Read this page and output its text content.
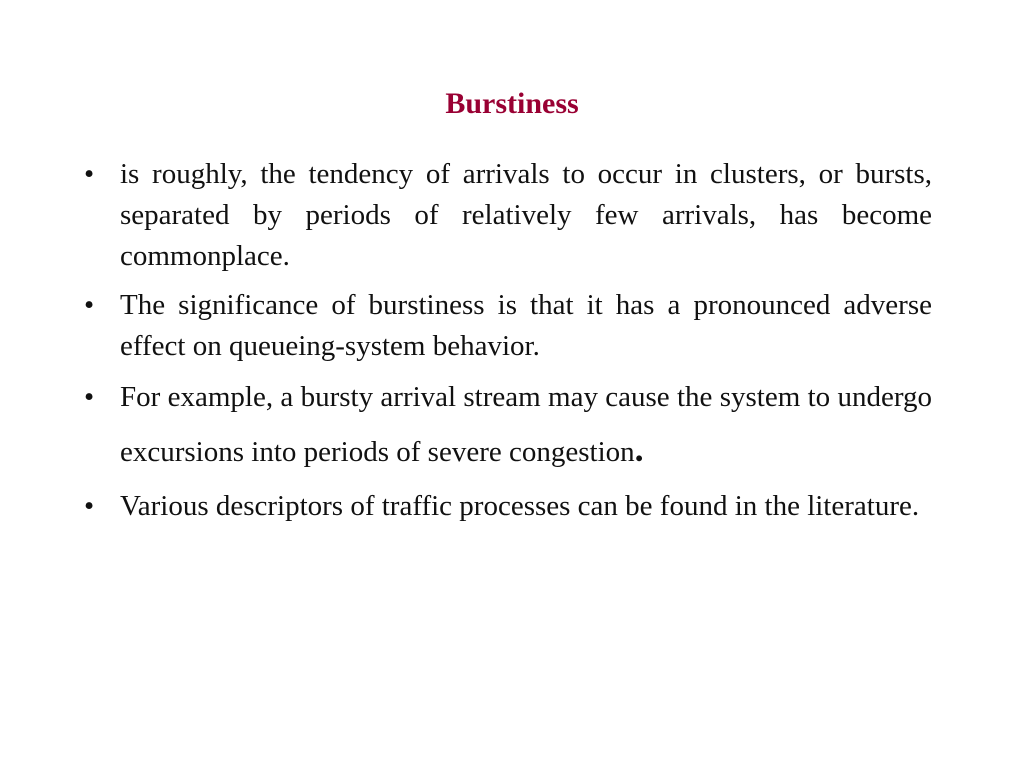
Burstiness
• is roughly, the tendency of arrivals to occur in clusters, or bursts, separated by periods of relatively few arrivals, has become commonplace.
• The significance of burstiness is that it has a pronounced adverse effect on queueing-system behavior.
• For example, a bursty arrival stream may cause the system to undergo excursions into periods of severe congestion.
• Various descriptors of traffic processes can be found in the literature.
